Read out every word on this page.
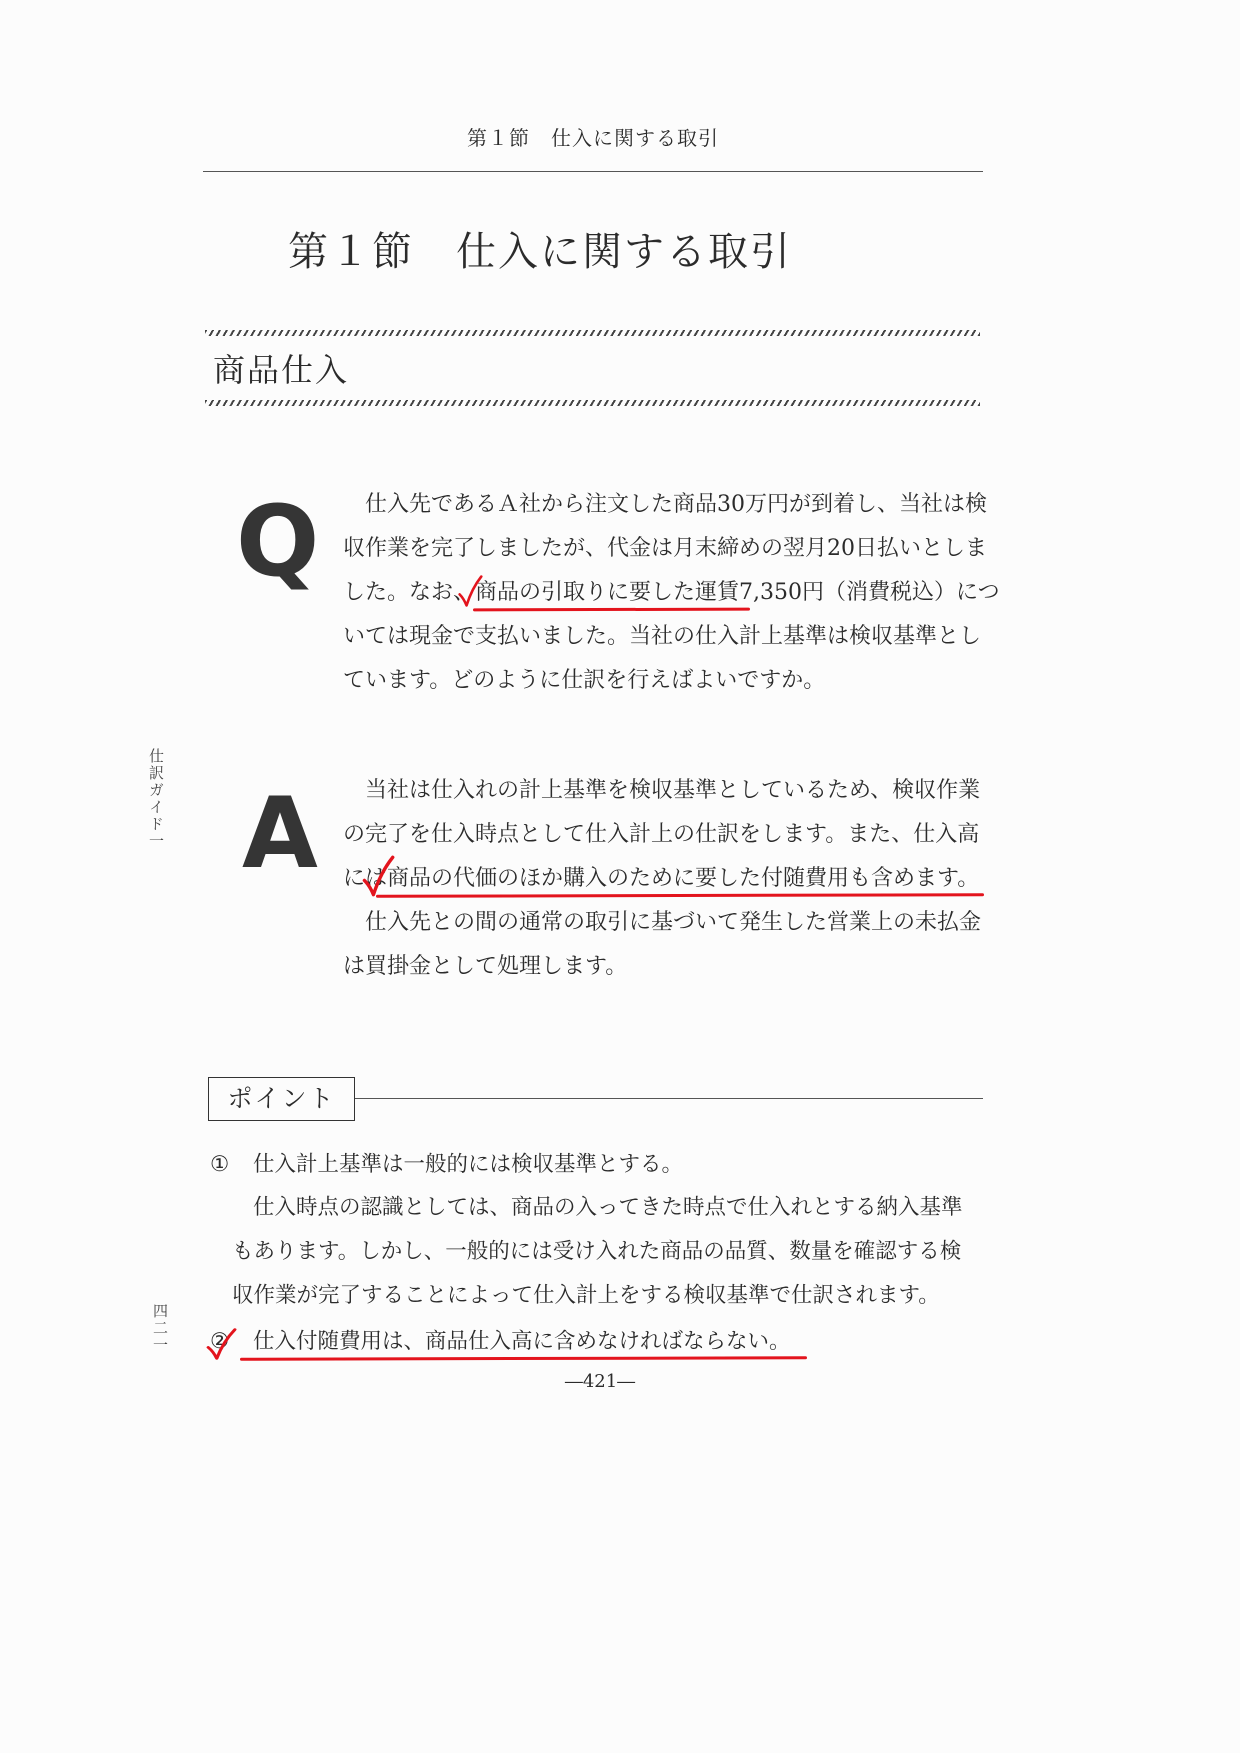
第１節　仕入に関する取引
第１節　仕入に関する取引
商品仕入
Q	仕入先であるＡ社から注文した商品30万円が到着し、当社は検
収作業を完了しましたが、代金は月末締めの翌月20日払いとしま
した。なお、
商品の引取りに要した運賃7,350円（消費税込）につ
いては現金で支払いました。当社の仕入計上基準は検収基準とし
ています。どのように仕訳を行えばよいですか。
仕訳ガイド一 A	当社は仕入れの計上基準を検収基準としているため、検収作業
の完了を仕入時点として仕入計上の仕訳をします。また、仕入高
には
商品の代価のほか購入のために要した付随費用も含めます。
仕入先との間の通常の取引に基づいて発生した営業上の未払金
は買掛金として処理します。
ポイント
① 仕入計上基準は一般的には検収基準とする。
仕入時点の認識としては、商品の入ってきた時点で仕入れとする納入基準
もあります。しかし、一般的には受け入れた商品の品質、数量を確認する検
収作業が完了することによって仕入計上をする検収基準で仕訳されます。
② 仕入付随費用は、商品仕入高に含めなければならない。
四二一
―421―
